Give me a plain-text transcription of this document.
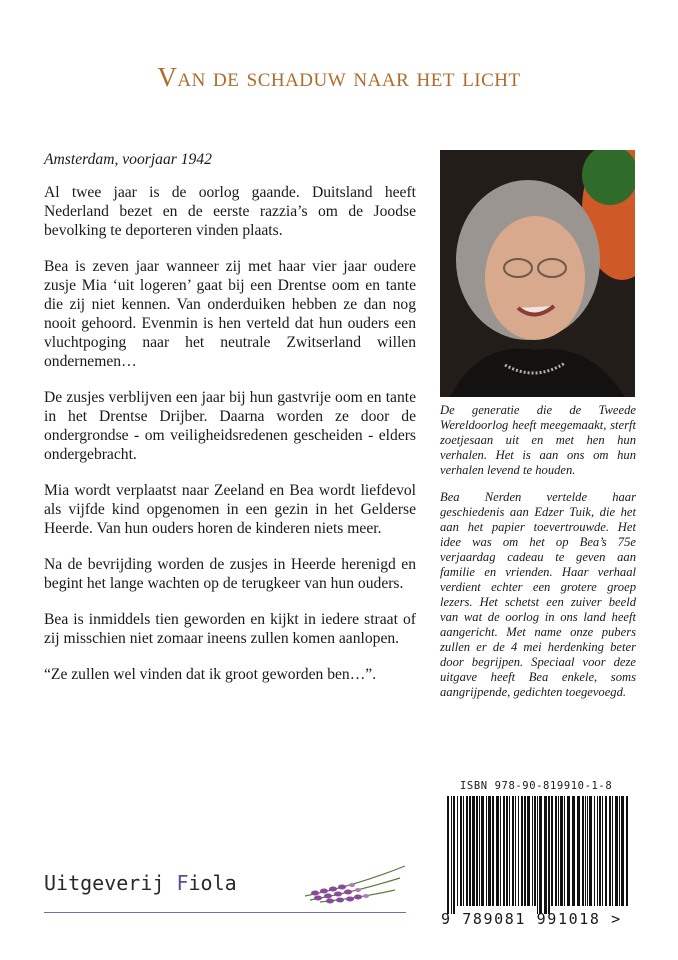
Van de schaduw naar het licht

Amsterdam, voorjaar 1942

Al twee jaar is de oorlog gaande. Duitsland heeft Nederland bezet en de eerste razzia’s om de Joodse bevolking te deporteren vinden plaats.

Bea is zeven jaar wanneer zij met haar vier jaar oudere zusje Mia ‘uit logeren’ gaat bij een Drentse oom en tante die zij niet kennen. Van onderduiken hebben ze dan nog nooit gehoord. Evenmin is hen verteld dat hun ouders een vluchtpoging naar het neutrale Zwitserland willen ondernemen…

De zusjes verblijven een jaar bij hun gastvrije oom en tante in het Drentse Drijber. Daarna worden ze door de ondergrondse - om veiligheidsredenen gescheiden - elders ondergebracht.

Mia wordt verplaatst naar Zeeland en Bea wordt liefdevol als vijfde kind opgenomen in een gezin in het Gelderse Heerde. Van hun ouders horen de kinderen niets meer.

Na de bevrijding worden de zusjes in Heerde herenigd en begint het lange wachten op de terugkeer van hun ouders.

Bea is inmiddels tien geworden en kijkt in iedere straat of zij misschien niet zomaar ineens zullen komen aanlopen.

“Ze zullen wel vinden dat ik groot geworden ben…”.

De generatie die de Tweede Wereldoorlog heeft meegemaakt, sterft zoetjesaan uit en met hen hun verhalen. Het is aan ons om hun verhalen levend te houden.

Bea Nerden vertelde haar geschiedenis aan Edzer Tuik, die het aan het papier toevertrouwde. Het idee was om het op Bea’s 75e verjaardag cadeau te geven aan familie en vrienden. Haar verhaal verdient echter een grotere groep lezers. Het schetst een zuiver beeld van wat de oorlog in ons land heeft aangericht. Met name onze pubers zullen er de 4 mei herdenking beter door begrijpen. Speciaal voor deze uitgave heeft Bea enkele, soms aangrijpende, gedichten toegevoegd.

ISBN 978-90-819910-1-8
9 789081 991018 >
Uitgeverij Fiola
